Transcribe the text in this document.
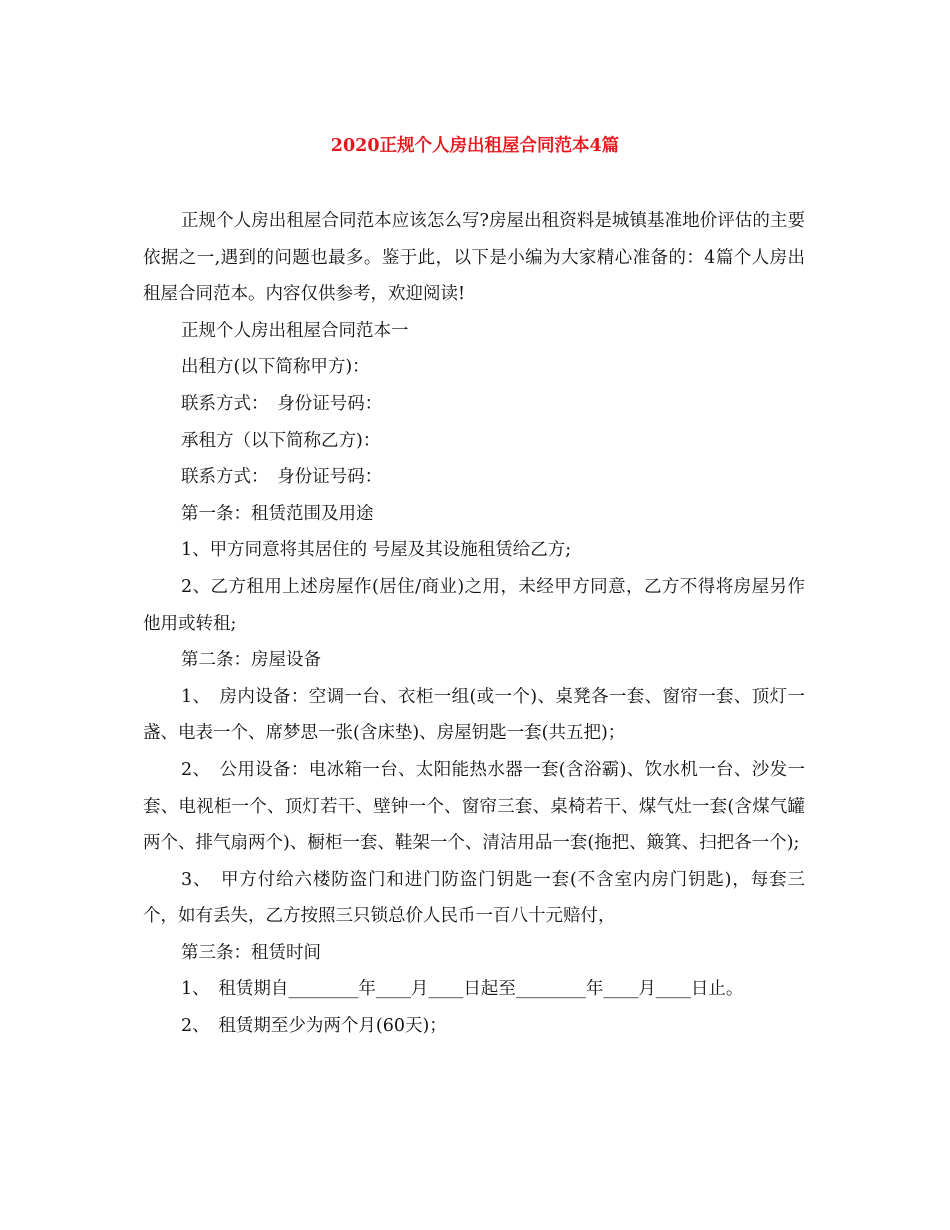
2020正规个人房出租屋合同范本4篇

正规个人房出租屋合同范本应该怎么写?房屋出租资料是城镇基准地价评估的主要依据之一,遇到的问题也最多。鉴于此，以下是小编为大家精心准备的：4篇个人房出租屋合同范本。内容仅供参考，欢迎阅读!

正规个人房出租屋合同范本一

出租方(以下简称甲方)：

联系方式：　身份证号码：

承租方（以下简称乙方)：

联系方式：　身份证号码：

第一条：租赁范围及用途

1、甲方同意将其居住的 号屋及其设施租赁给乙方;

2、乙方租用上述房屋作(居住/商业)之用，未经甲方同意，乙方不得将房屋另作他用或转租;

第二条：房屋设备

1、　房内设备：空调一台、衣柜一组(或一个)、桌凳各一套、窗帘一套、顶灯一盏、电表一个、席梦思一张(含床垫)、房屋钥匙一套(共五把)；

2、　公用设备：电冰箱一台、太阳能热水器一套(含浴霸)、饮水机一台、沙发一套、电视柜一个、顶灯若干、壁钟一个、窗帘三套、桌椅若干、煤气灶一套(含煤气罐两个、排气扇两个)、橱柜一套、鞋架一个、清洁用品一套(拖把、簸箕、扫把各一个);

3、　甲方付给六楼防盗门和进门防盗门钥匙一套(不含室内房门钥匙)，每套三个，如有丢失，乙方按照三只锁总价人民币一百八十元赔付，

第三条：租赁时间

1、　租赁期自________年____月____日起至________年____月____日止。

2、　租赁期至少为两个月(60天)；
